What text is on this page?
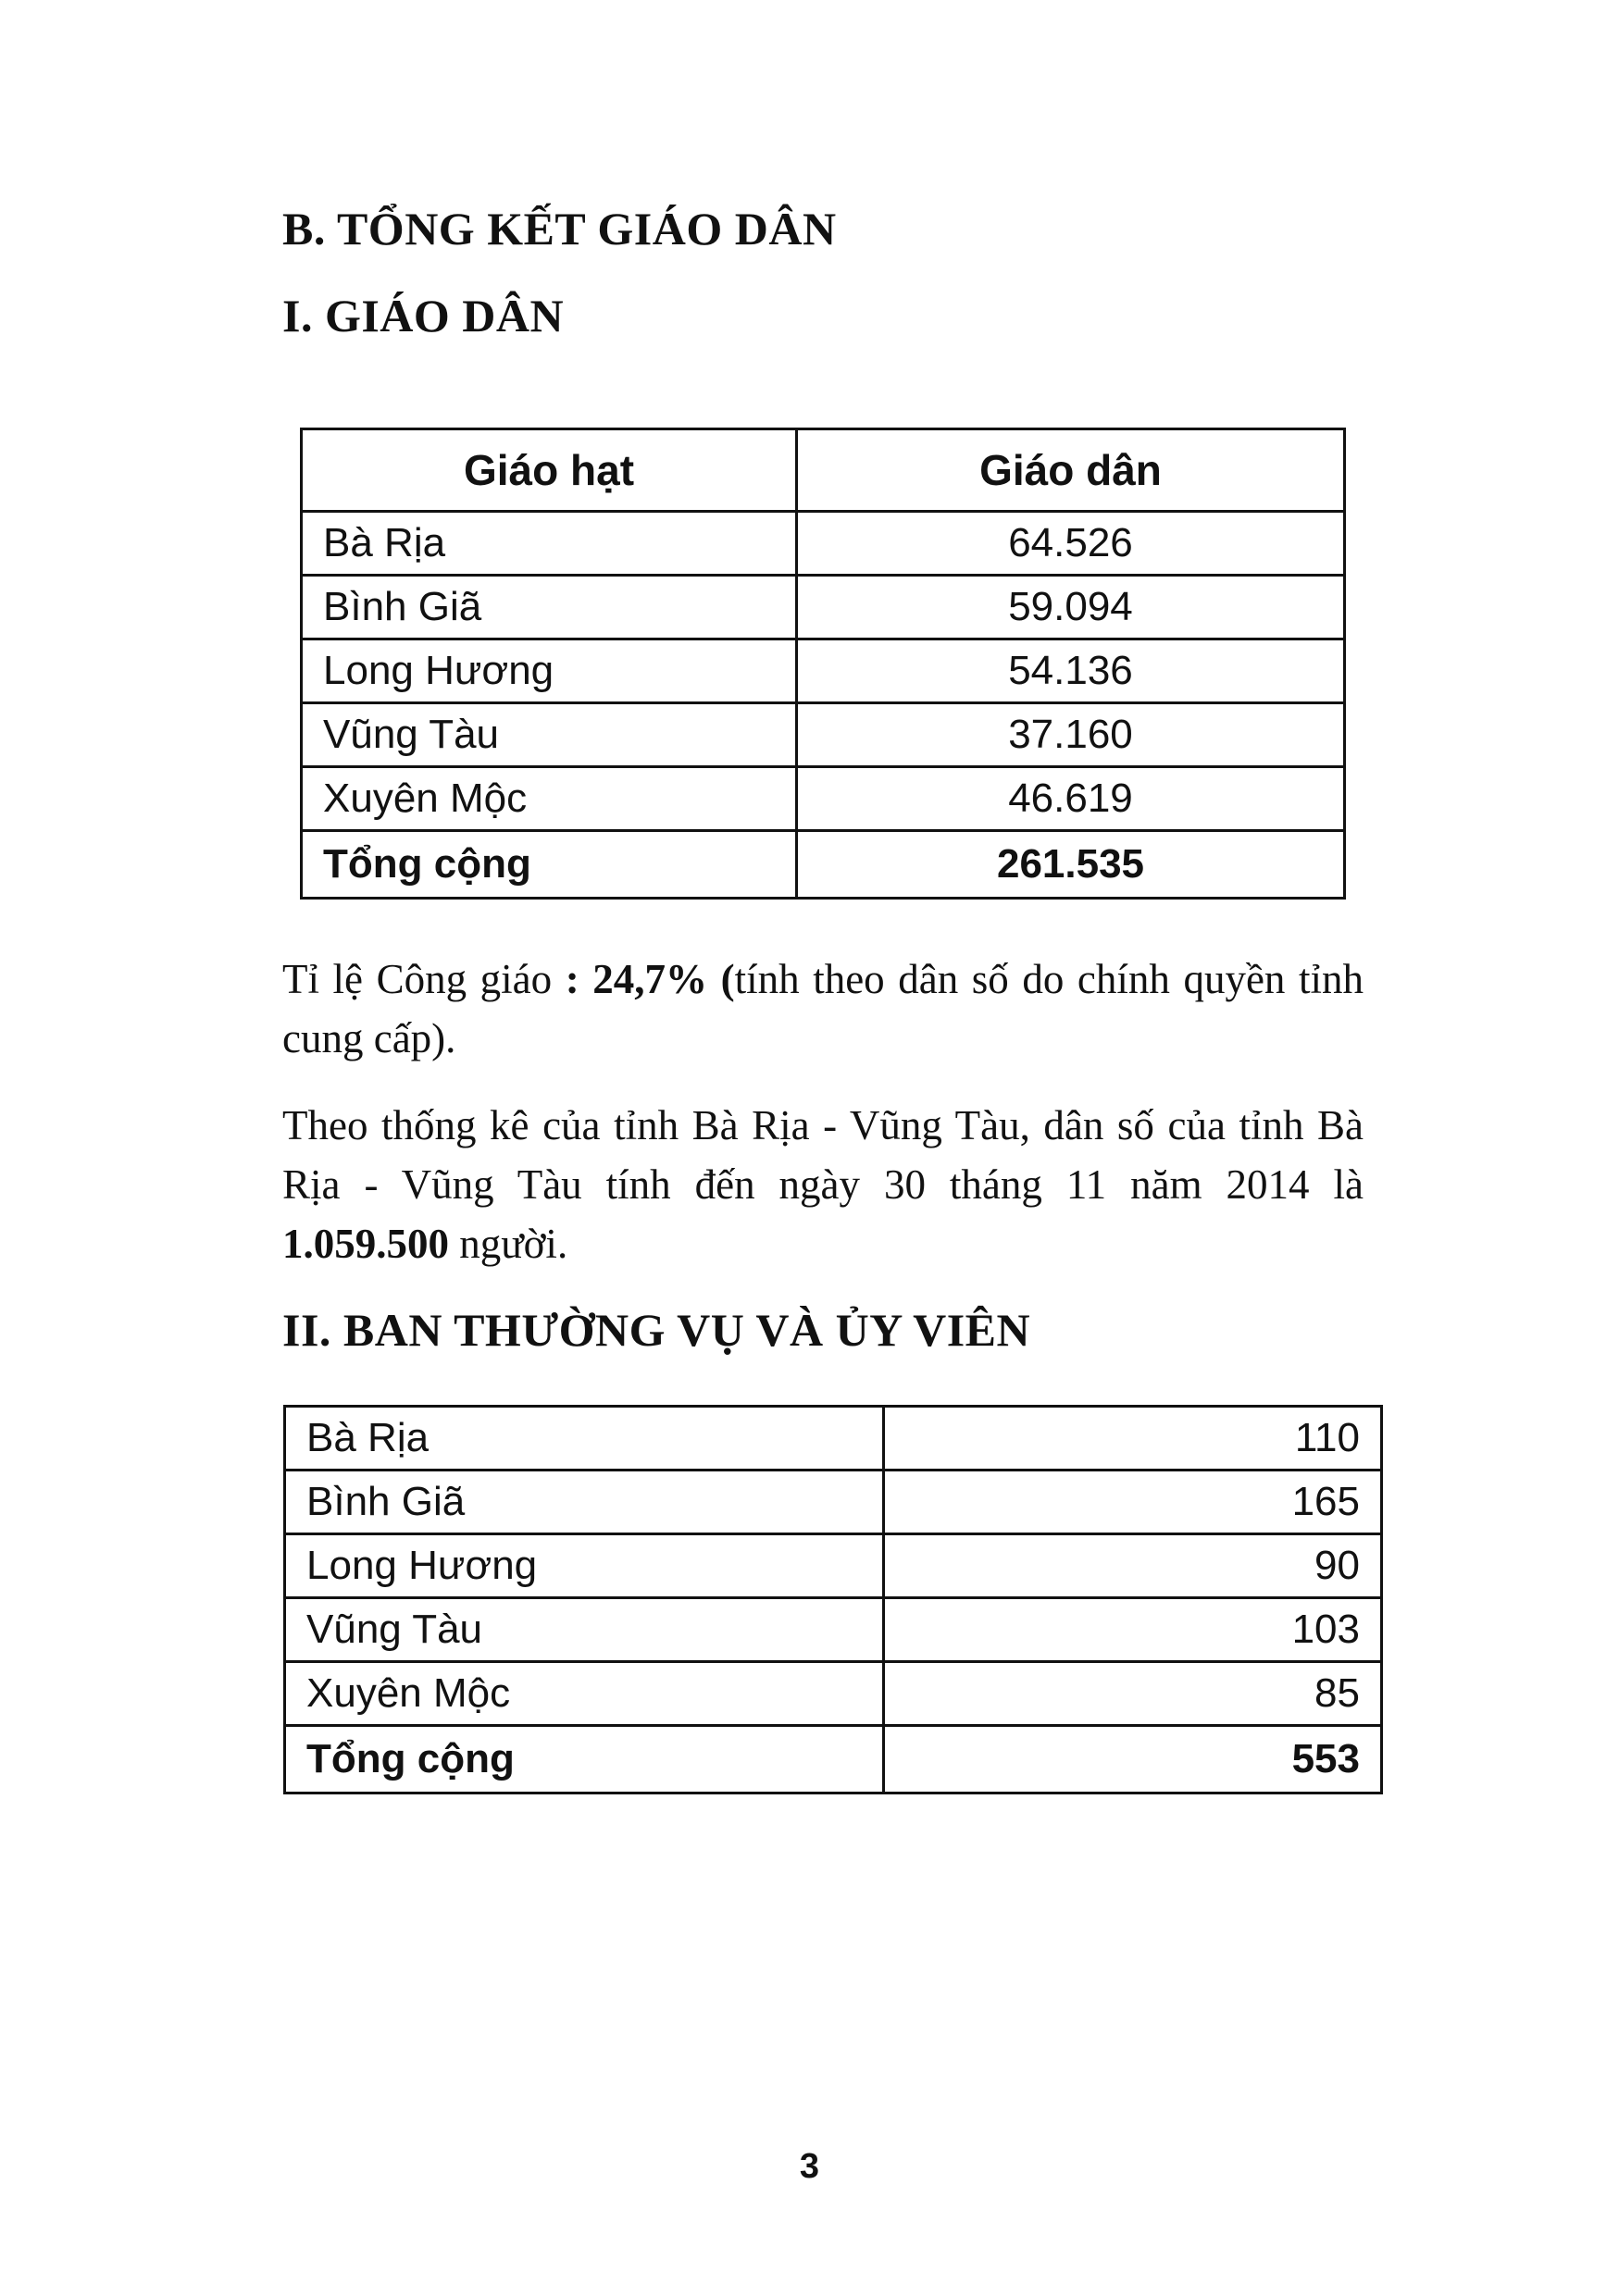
B. TỔNG KẾT GIÁO DÂN
I. GIÁO DÂN
Giáo hạt	Giáo dân
Bà Rịa	64.526
Bình Giã	59.094
Long Hương	54.136
Vũng Tàu	37.160
Xuyên Mộc	46.619
Tổng cộng	261.535

Tỉ lệ Công giáo : 24,7% (tính theo dân số do chính quyền tỉnh cung cấp).

Theo thống kê của tỉnh Bà Rịa - Vũng Tàu, dân số của tỉnh Bà Rịa - Vũng Tàu tính đến ngày 30 tháng 11 năm 2014 là 1.059.500 người.

II. BAN THƯỜNG VỤ VÀ ỦY VIÊN
Bà Rịa	110
Bình Giã	165
Long Hương	90
Vũng Tàu	103
Xuyên Mộc	85
Tổng cộng	553
3
